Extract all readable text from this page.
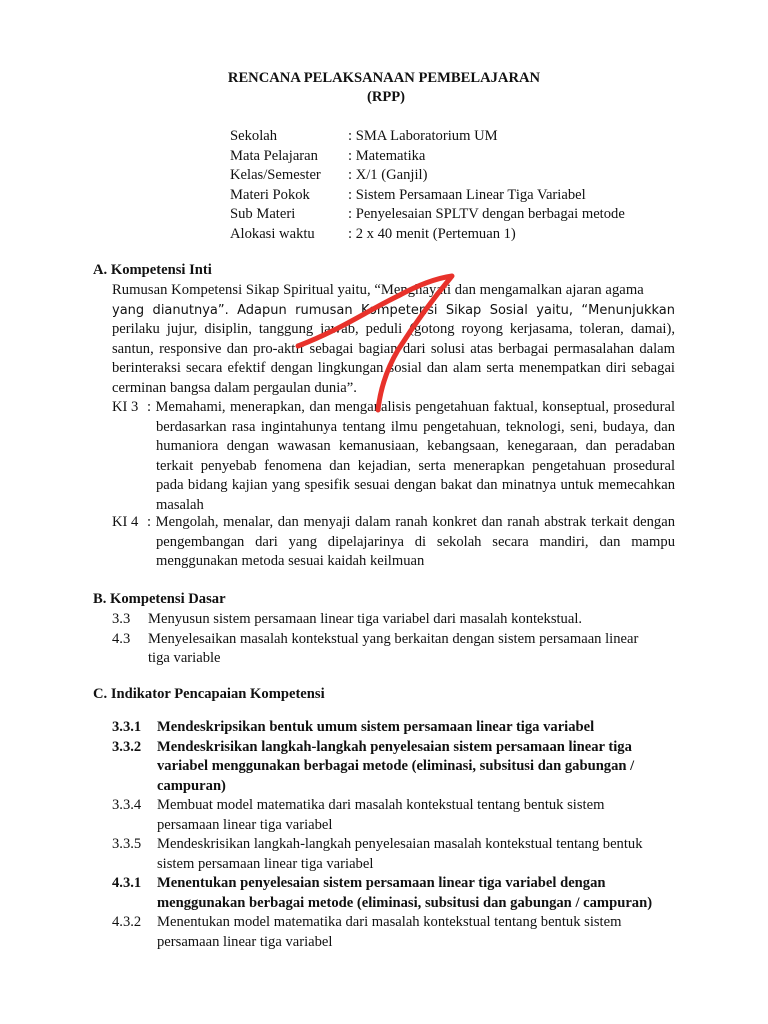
RENCANA PELAKSANAAN PEMBELAJARAN
(RPP)
Sekolah	: SMA Laboratorium UM
Mata Pelajaran	: Matematika
Kelas/Semester	: X/1 (Ganjil)
Materi Pokok	: Sistem Persamaan Linear Tiga Variabel
Sub Materi	: Penyelesaian SPLTV dengan berbagai metode
Alokasi waktu	: 2 x 40 menit (Pertemuan 1)
A. Kompetensi Inti
Rumusan Kompetensi Sikap Spiritual yaitu, “Menghayati dan mengamalkan ajaran agama
yang dianutnya”. Adapun rumusan Kompetensi Sikap Sosial yaitu, “Menunjukkan
perilaku jujur, disiplin, tanggung jawab, peduli (gotong royong kerjasama, toleran, damai), santun, responsive dan pro-aktif sebagai bagian dari solusi atas berbagai permasalahan dalam berinteraksi secara efektif dengan lingkungan sosial dan alam serta menempatkan diri sebagai cerminan bangsa dalam pergaulan dunia”.
KI 3 : Memahami, menerapkan, dan menganalisis pengetahuan faktual, konseptual, prosedural berdasarkan rasa ingintahunya tentang ilmu pengetahuan, teknologi, seni, budaya, dan humaniora dengan wawasan kemanusiaan, kebangsaan, kenegaraan, dan peradaban terkait penyebab fenomena dan kejadian, serta menerapkan pengetahuan prosedural pada bidang kajian yang spesifik sesuai dengan bakat dan minatnya untuk memecahkan masalah
KI 4 : Mengolah, menalar, dan menyaji dalam ranah konkret dan ranah abstrak terkait dengan pengembangan dari yang dipelajarinya di sekolah secara mandiri, dan mampu menggunakan metoda sesuai kaidah keilmuan
B. Kompetensi Dasar
3.3	Menyusun sistem persamaan linear tiga variabel dari masalah kontekstual.
4.3	Menyelesaikan masalah kontekstual yang berkaitan dengan sistem persamaan linear tiga variable
C. Indikator Pencapaian Kompetensi
3.3.1	Mendeskripsikan bentuk umum sistem persamaan linear tiga variabel
3.3.2	Mendeskrisikan langkah-langkah penyelesaian sistem persamaan linear tiga variabel menggunakan berbagai metode (eliminasi, subsitusi dan gabungan / campuran)
3.3.4	Membuat model matematika dari masalah kontekstual tentang bentuk sistem persamaan linear tiga variabel
3.3.5	Mendeskrisikan langkah-langkah penyelesaian masalah kontekstual tentang bentuk sistem persamaan linear tiga variabel
4.3.1	Menentukan penyelesaian sistem persamaan linear tiga variabel dengan menggunakan berbagai metode (eliminasi, subsitusi dan gabungan / campuran)
4.3.2	Menentukan model matematika dari masalah kontekstual tentang bentuk sistem persamaan linear tiga variabel
